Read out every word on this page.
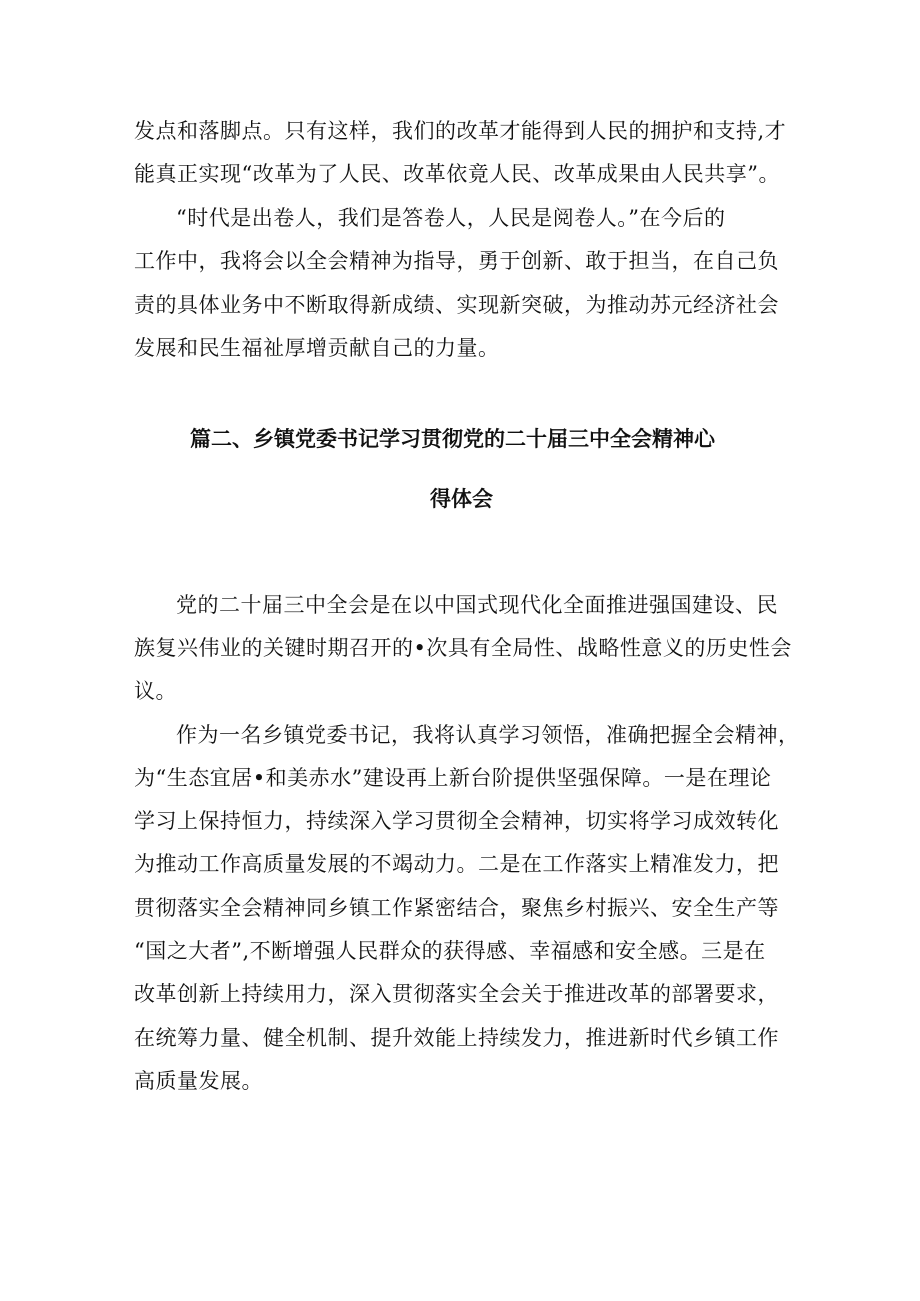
发点和落脚点。只有这样，我们的改革才能得到人民的拥护和支持,才
能真正实现“改革为了人民、改革依竟人民、改革成果由人民共享”。
“时代是出卷人，我们是答卷人，人民是阅卷人。”在今后的
工作中，我将会以全会精神为指导，勇于创新、敢于担当，在自己负
责的具体业务中不断取得新成绩、实现新突破，为推动苏元经济社会
发展和民生福祉厚增贡献自己的力量。
篇二、乡镇党委书记学习贯彻党的二十届三中全会精神心
得体会
党的二十届三中全会是在以中国式现代化全面推进强国建设、民
族复兴伟业的关键时期召开的•次具有全局性、战略性意义的历史性会
议。
作为一名乡镇党委书记，我将认真学习领悟，准确把握全会精神，
为“生态宜居•和美赤水”建设再上新台阶提供坚强保障。一是在理论
学习上保持恒力，持续深入学习贯彻全会精神，切实将学习成效转化
为推动工作高质量发展的不竭动力。二是在工作落实上精准发力，把
贯彻落实全会精神同乡镇工作紧密结合，聚焦乡村振兴、安全生产等
“国之大者”,不断增强人民群众的获得感、幸福感和安全感。三是在
改革创新上持续用力，深入贯彻落实全会关于推进改革的部署要求，
在统筹力量、健全机制、提升效能上持续发力，推进新时代乡镇工作
高质量发展。
